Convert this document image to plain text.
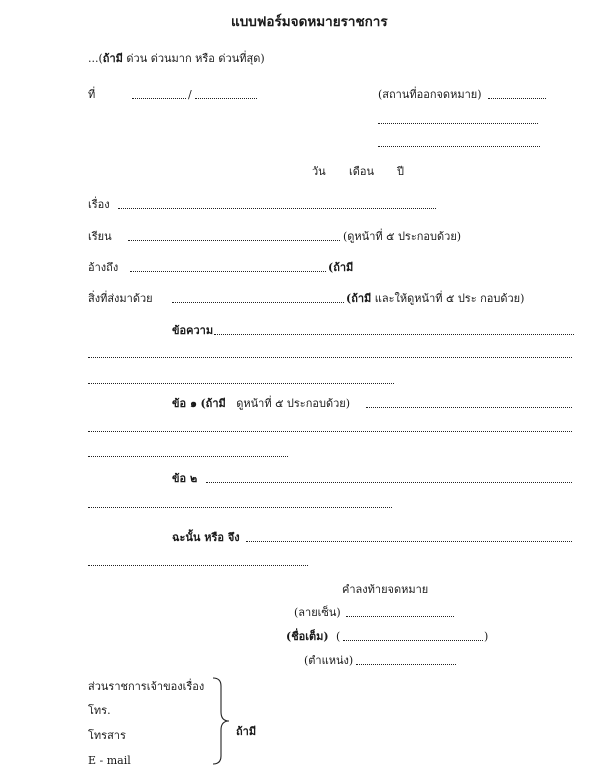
แบบฟอร์มจดหมายราชการ
...(ถ้ามี ด่วน ด่วนมาก หรือ ด่วนที่สุด)
ที่	/	(สถานที่ออกจดหมาย)
วัน เดือน ปี
เรื่อง
เรียน	(ดูหน้าที่ ๕ ประกอบด้วย)
อ้างถึง	(ถ้ามี
สิ่งที่ส่งมาด้วย	(ถ้ามี และให้ดูหน้าที่ ๕ ประ กอบด้วย)
ข้อความ
ข้อ ๑ (ถ้ามี ดูหน้าที่ ๕ ประกอบด้วย)
ข้อ ๒
ฉะนั้น หรือ จึง
คำลงท้ายจดหมาย
(ลายเซ็น)
(ชื่อเต็ม) (	)
(ตำแหน่ง)
ส่วนราชการเจ้าของเรื่อง
โทร.
โทรสาร
E - mail
ถ้ามี
